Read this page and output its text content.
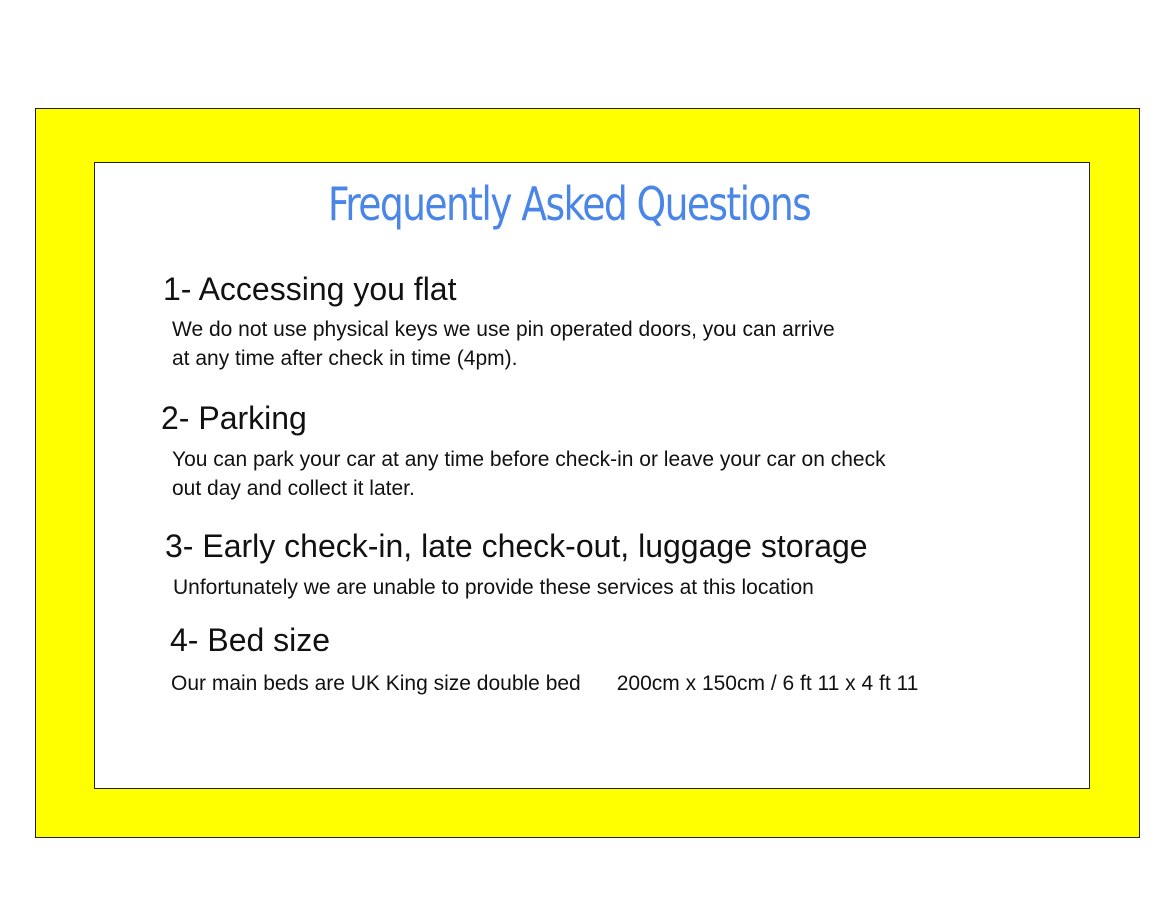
Frequently Asked Questions
1- Accessing you flat
We do not use physical keys we use pin operated doors, you can arrive
at any time after check in time (4pm).
2- Parking
You can park your car at any time before check-in or leave your car on check
out day and collect it later.
3- Early check-in, late check-out, luggage storage
Unfortunately we are unable to provide these services at this location
4- Bed size
Our main beds are UK King size double bed 200cm x 150cm / 6 ft 11 x 4 ft 11
